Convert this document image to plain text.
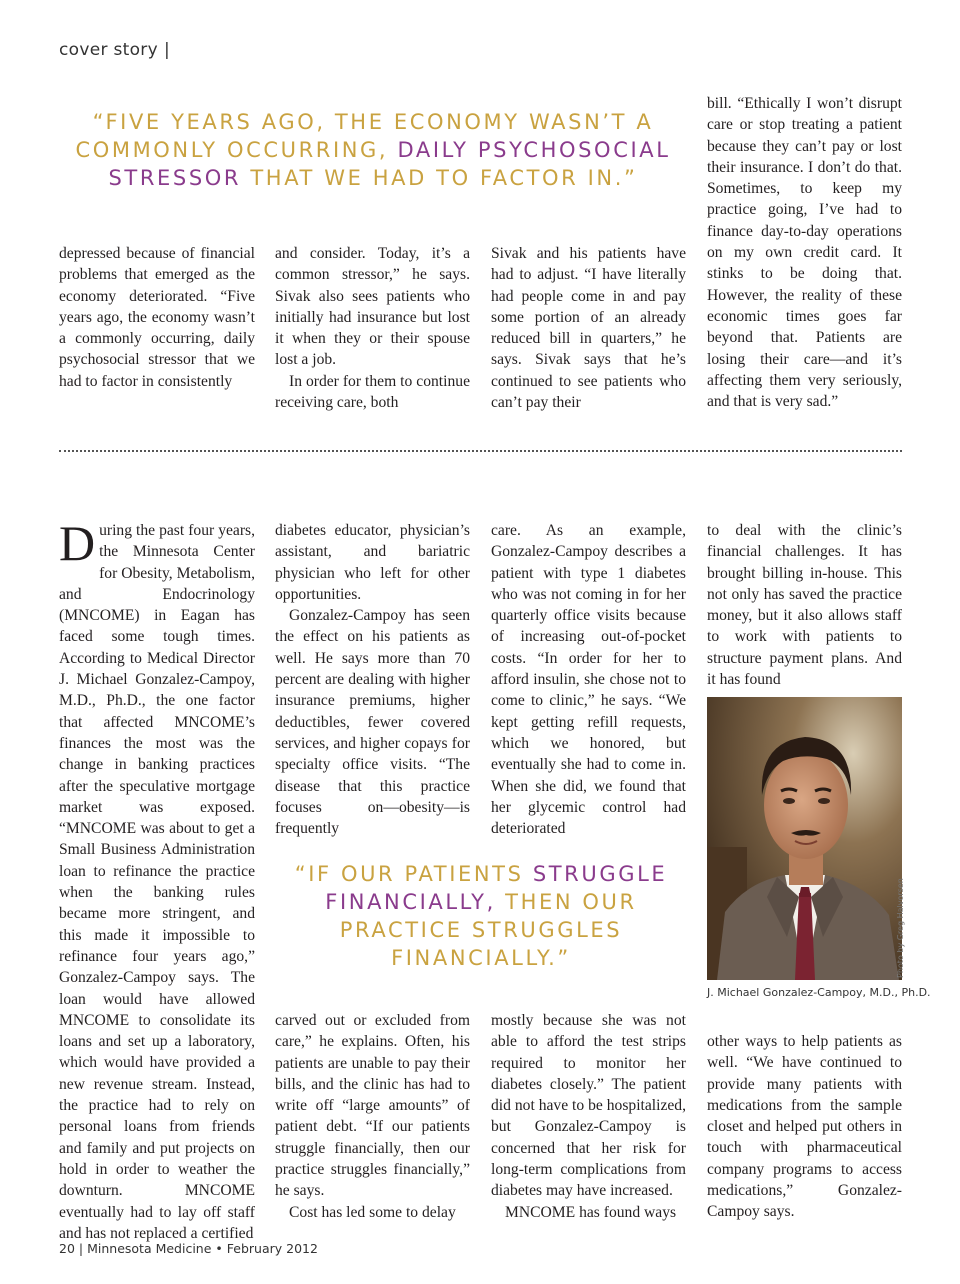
cover story |
“FIVE YEARS AGO, THE ECONOMY WASN’T A COMMONLY OCCURRING, DAILY PSYCHOSOCIAL STRESSOR THAT WE HAD TO FACTOR IN.”

depressed because of financial problems that emerged as the economy deteriorated. “Five years ago, the economy wasn’t a commonly occurring, daily psychosocial stressor that we had to factor in consistently

and consider. Today, it’s a common stressor,” he says. Sivak also sees patients who initially had insurance but lost it when they or their spouse lost a job.

In order for them to continue receiving care, both

Sivak and his patients have had to adjust. “I have literally had people come in and pay some portion of an already reduced bill in quarters,” he says. Sivak says that he’s continued to see patients who can’t pay their

bill. “Ethically I won’t disrupt care or stop treating a patient because they can’t pay or lost their insurance. I don’t do that. Sometimes, to keep my practice going, I’ve had to finance day-to-day operations on my own credit card. It stinks to be doing that. However, the reality of these economic times goes far beyond that. Patients are losing their care—and it’s affecting them very seriously, and that is very sad.”

During the past four years, the Minnesota Center for Obesity, Metabolism, and Endocrinology (MNCOME) in Eagan has faced some tough times. According to Medical Director J. Michael Gonzalez-Campoy, M.D., Ph.D., the one factor that affected MNCOME’s finances the most was the change in banking practices after the speculative mortgage market was exposed. “MNCOME was about to get a Small Business Administration loan to refinance the practice when the banking rules became more stringent, and this made it impossible to refinance four years ago,” Gonzalez-Campoy says. The loan would have allowed MNCOME to consolidate its loans and set up a laboratory, which would have provided a new revenue stream. Instead, the practice had to rely on personal loans from friends and family and put projects on hold in order to weather the downturn. MNCOME eventually had to lay off staff and has not replaced a certified

diabetes educator, physician’s assistant, and bariatric physician who left for other opportunities.

Gonzalez-Campoy has seen the effect on his patients as well. He says more than 70 percent are dealing with higher insurance premiums, higher deductibles, fewer covered services, and higher copays for specialty office visits. “The disease that this practice focuses on—obesity—is frequently

care. As an example, Gonzalez-Campoy describes a patient with type 1 diabetes who was not coming in for her quarterly office visits because of increasing out-of-pocket costs. “In order for her to afford insulin, she chose not to come to clinic,” he says. “We kept getting refill requests, which we honored, but eventually she had to come in. When she did, we found that her glycemic control had deteriorated

to deal with the clinic’s financial challenges. It has brought billing in-house. This not only has saved the practice money, but it also allows staff to work with patients to structure payment plans. And it has found

Photo by Greg Halvorsen
J. Michael Gonzalez-Campoy, M.D., Ph.D.
“IF OUR PATIENTS STRUGGLE FINANCIALLY, THEN OUR PRACTICE STRUGGLES FINANCIALLY.”

carved out or excluded from care,” he explains. Often, his patients are unable to pay their bills, and the clinic has had to write off “large amounts” of patient debt. “If our patients struggle financially, then our practice struggles financially,” he says.

Cost has led some to delay

mostly because she was not able to afford the test strips required to monitor her diabetes closely.” The patient did not have to be hospitalized, but Gonzalez-Campoy is concerned that her risk for long-term complications from diabetes may have increased.

MNCOME has found ways

other ways to help patients as well. “We have continued to provide many patients with medications from the sample closet and helped put others in touch with pharmaceutical company programs to access medications,” Gonzalez-Campoy says.

20 | Minnesota Medicine • February 2012
